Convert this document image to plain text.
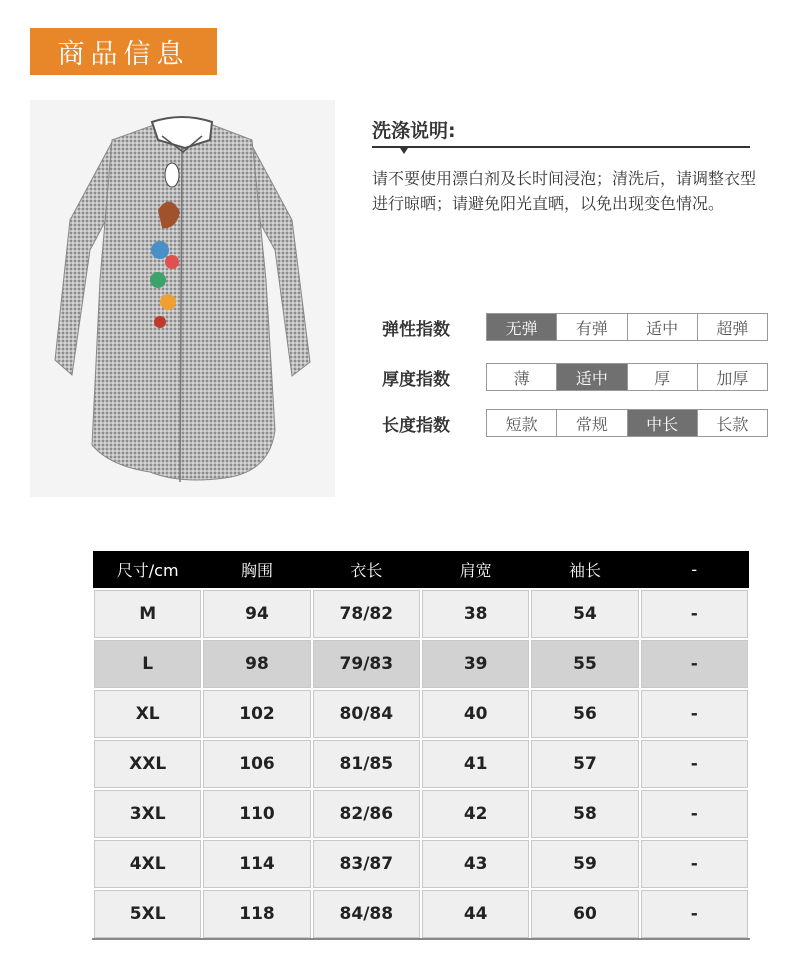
商品信息
洗涤说明:
请不要使用漂白剂及长时间浸泡；清洗后，请调整衣型进行晾晒；请避免阳光直晒，以免出现变色情况。
弹性指数	无弹	有弹	适中	超弹
厚度指数	薄	适中	厚	加厚
长度指数	短款	常规	中长	长款
尺寸/cm	胸围	衣长	肩宽	袖长	-
M	94	78/82	38	54	-
L	98	79/83	39	55	-
XL	102	80/84	40	56	-
XXL	106	81/85	41	57	-
3XL	110	82/86	42	58	-
4XL	114	83/87	43	59	-
5XL	118	84/88	44	60	-
